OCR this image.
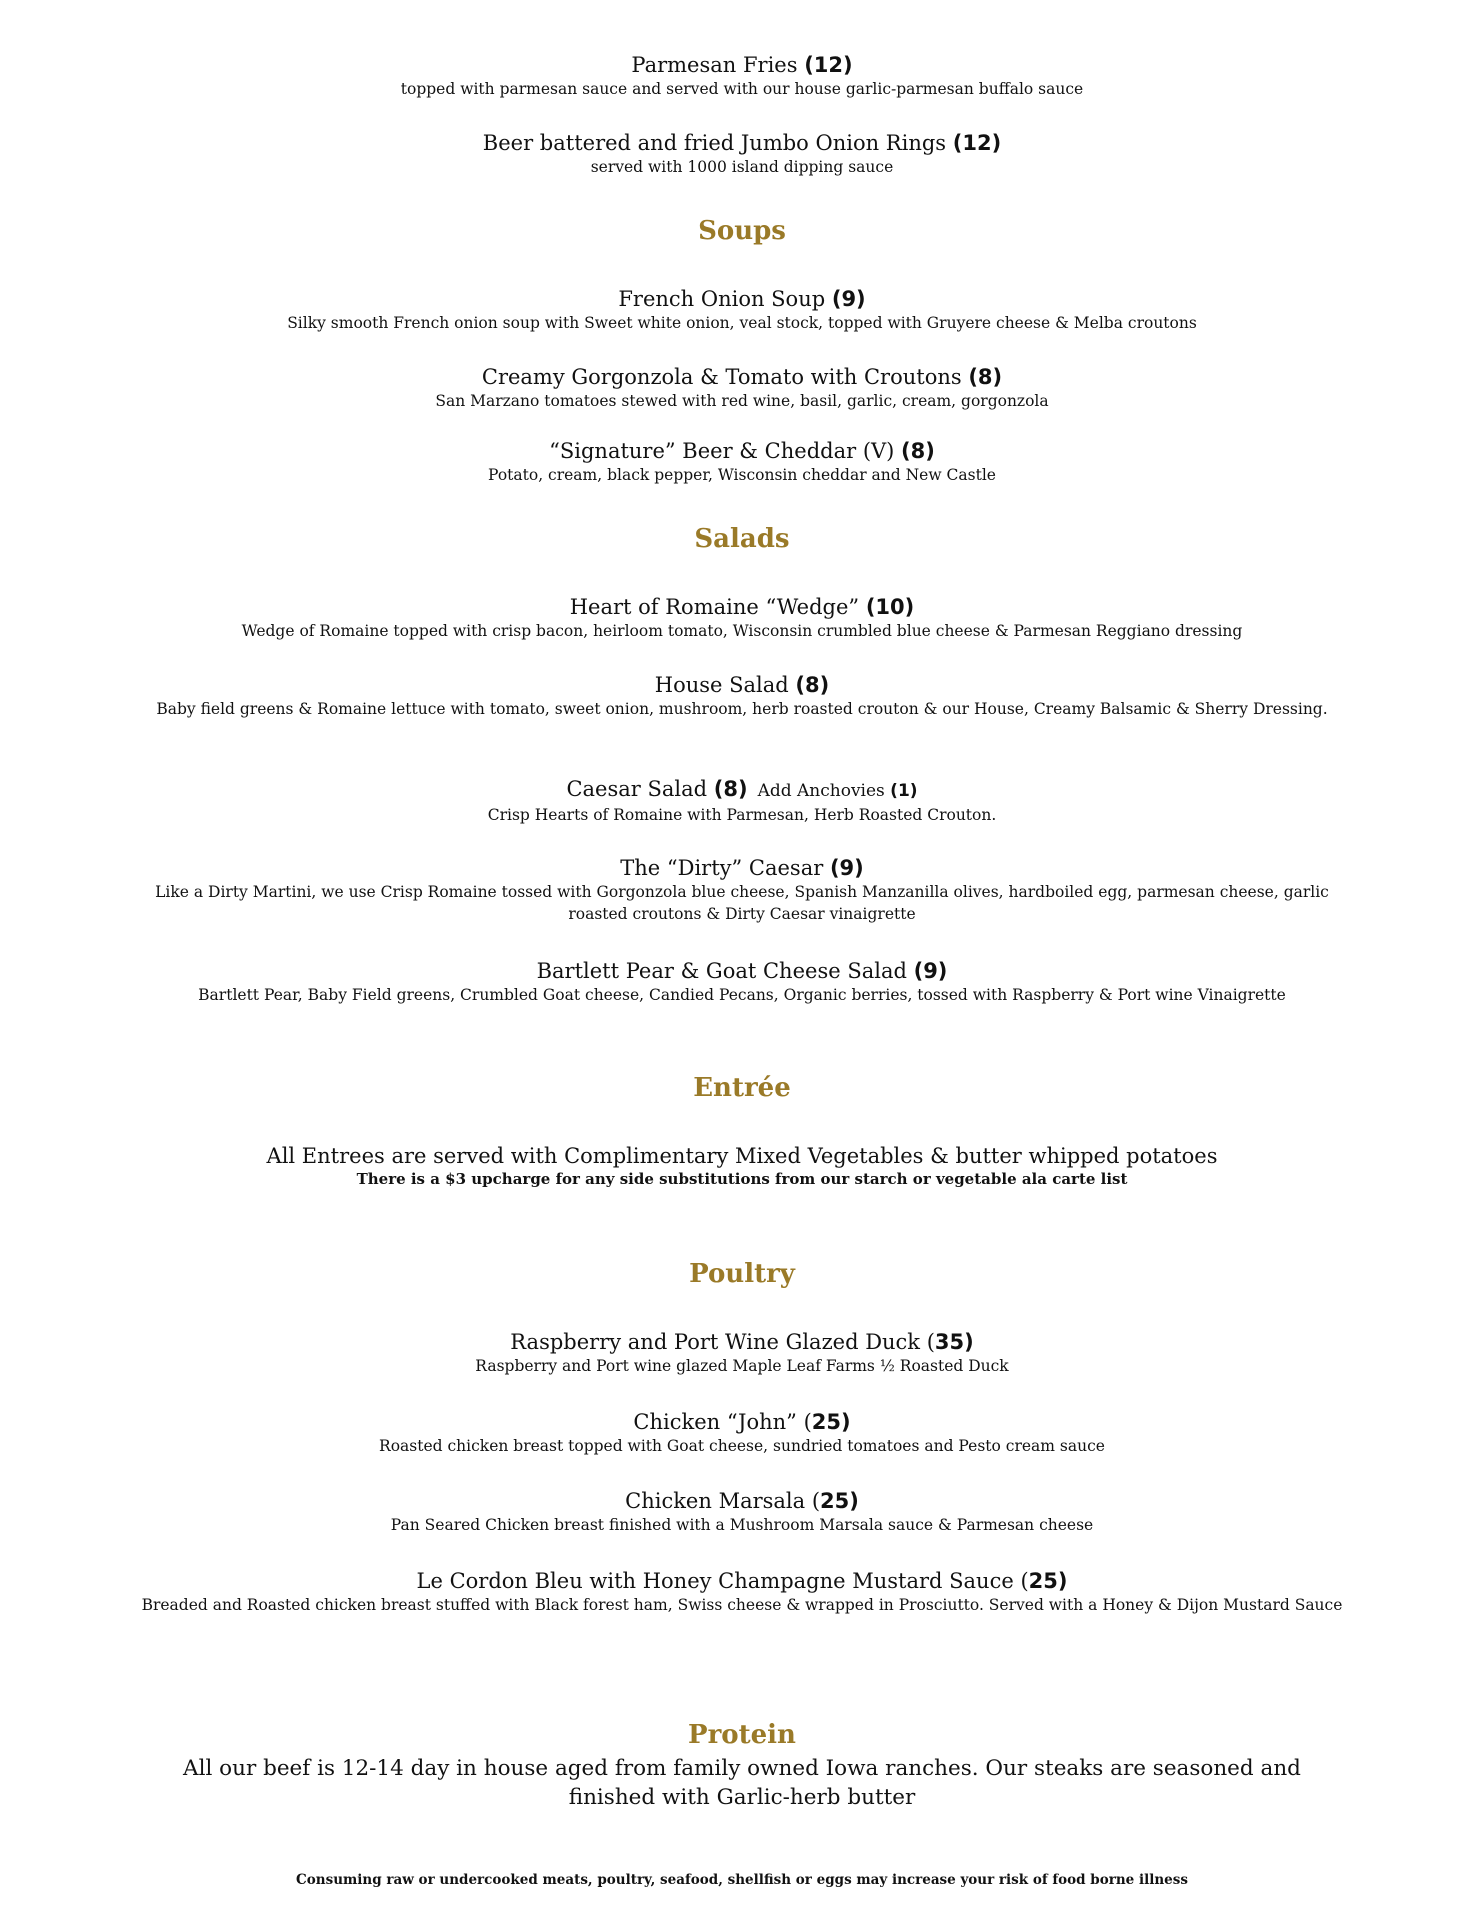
Parmesan Fries (12)
topped with parmesan sauce and served with our house garlic-parmesan buffalo sauce
Beer battered and fried Jumbo Onion Rings (12)
served with 1000 island dipping sauce
Soups
French Onion Soup (9)
Silky smooth French onion soup with Sweet white onion, veal stock, topped with Gruyere cheese & Melba croutons
Creamy Gorgonzola & Tomato with Croutons (8)
San Marzano tomatoes stewed with red wine, basil, garlic, cream, gorgonzola
“Signature” Beer & Cheddar (V) (8)
Potato, cream, black pepper, Wisconsin cheddar and New Castle
Salads
Heart of Romaine “Wedge” (10)
Wedge of Romaine topped with crisp bacon, heirloom tomato, Wisconsin crumbled blue cheese & Parmesan Reggiano dressing
House Salad (8)
Baby field greens & Romaine lettuce with tomato, sweet onion, mushroom, herb roasted crouton & our House, Creamy Balsamic & Sherry Dressing.
Caesar Salad (8) Add Anchovies (1)
Crisp Hearts of Romaine with Parmesan, Herb Roasted Crouton.
The “Dirty” Caesar (9)
Like a Dirty Martini, we use Crisp Romaine tossed with Gorgonzola blue cheese, Spanish Manzanilla olives, hardboiled egg, parmesan cheese, garlic roasted croutons & Dirty Caesar vinaigrette
Bartlett Pear & Goat Cheese Salad (9)
Bartlett Pear, Baby Field greens, Crumbled Goat cheese, Candied Pecans, Organic berries, tossed with Raspberry & Port wine Vinaigrette
Entrée
All Entrees are served with Complimentary Mixed Vegetables & butter whipped potatoes
There is a $3 upcharge for any side substitutions from our starch or vegetable ala carte list
Poultry
Raspberry and Port Wine Glazed Duck (35)
Raspberry and Port wine glazed Maple Leaf Farms ½ Roasted Duck
Chicken “John” (25)
Roasted chicken breast topped with Goat cheese, sundried tomatoes and Pesto cream sauce
Chicken Marsala (25)
Pan Seared Chicken breast finished with a Mushroom Marsala sauce & Parmesan cheese
Le Cordon Bleu with Honey Champagne Mustard Sauce (25)
Breaded and Roasted chicken breast stuffed with Black forest ham, Swiss cheese & wrapped in Prosciutto. Served with a Honey & Dijon Mustard Sauce
Protein
All our beef is 12-14 day in house aged from family owned Iowa ranches. Our steaks are seasoned and finished with Garlic-herb butter
Consuming raw or undercooked meats, poultry, seafood, shellfish or eggs may increase your risk of food borne illness
